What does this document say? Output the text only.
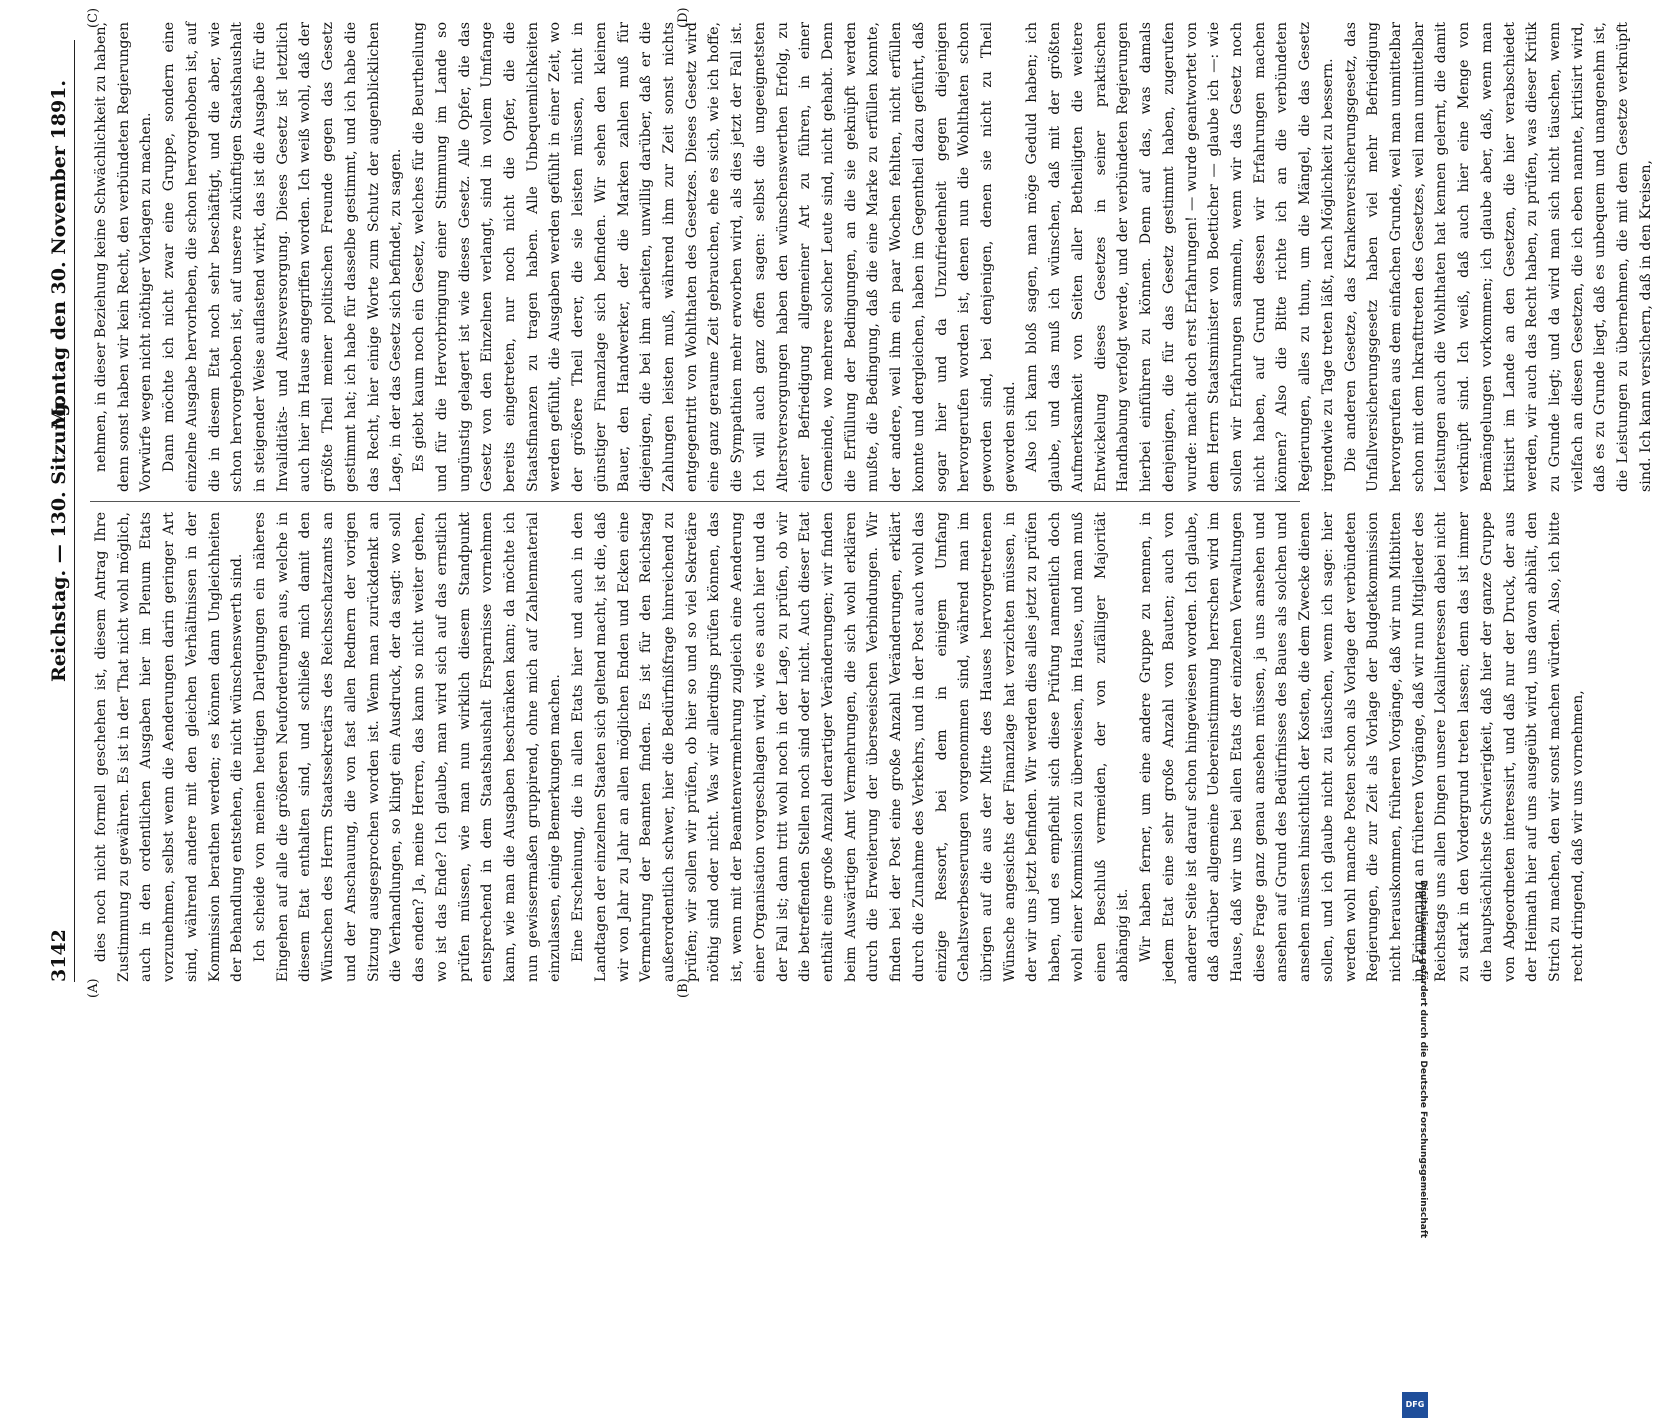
3142
Reichstag. — 130. Sitzung.
Montag den 30. November 1891.
(A)	(B)
(C)	(D)

dies noch nicht formell geschehen ist, diesem Antrag Ihre Zustimmung zu gewähren. Es ist in der That nicht wohl möglich, auch in den ordentlichen Ausgaben hier im Plenum Etats vorzunehmen, selbst wenn die Aenderungen darin geringer Art sind, während andere mit den gleichen Verhältnissen in der Kommission berathen werden; es können dann Ungleichheiten der Behandlung entstehen, die nicht wünschenswerth sind. Ich scheide von meinen heutigen Darlegungen ein näheres Eingehen auf alle die größeren Neuforderungen aus, welche in diesem Etat enthalten sind, und schließe mich damit den Wünschen des Herrn Staatssekretärs des Reichsschatzamts an und der Anschauung, die von fast allen Rednern der vorigen Sitzung ausgesprochen worden ist. Wenn man zurückdenkt an die Verhandlungen, so klingt ein Ausdruck, der da sagt: wo soll das enden? Ja, meine Herren, das kann so nicht weiter gehen, wo ist das Ende? Ich glaube, man wird sich auf das ernstlich prüfen müssen, wie man nun wirklich diesem Standpunkt entsprechend in dem Staatshaushalt Ersparnisse vornehmen kann, wie man die Ausgaben beschränken kann; da möchte ich nun gewissermaßen gruppirend, ohne mich auf Zahlenmaterial einzulassen, einige Bemerkungen machen. Eine Erscheinung, die in allen Etats hier und auch in den Landtagen der einzelnen Staaten sich geltend macht, ist die, daß wir von Jahr zu Jahr an allen möglichen Enden und Ecken eine Vermehrung der Beamten finden. Es ist für den Reichstag außerordentlich schwer, hier die Bedürfnißfrage hinreichend zu prüfen; wir sollen wir prüfen, ob hier so und so viel Sekretäre nöthig sind oder nicht. Was wir allerdings prüfen können, das ist, wenn mit der Beamtenvermehrung zugleich eine Aenderung einer Organisation vorgeschlagen wird, wie es auch hier und da der Fall ist; dann tritt wohl noch in der Lage, zu prüfen, ob wir die betreffenden Stellen noch sind oder nicht. Auch dieser Etat enthält eine große Anzahl derartiger Veränderungen; wir finden beim Auswärtigen Amt Vermehrungen, die sich wohl erklären durch die Erweiterung der überseeischen Verbindungen. Wir finden bei der Post eine große Anzahl Veränderungen, erklärt durch die Zunahme des Verkehrs, und in der Post auch wohl das einzige Ressort, bei dem in einigem Umfang Gehaltsverbesserungen vorgenommen sind, während man im übrigen auf die aus der Mitte des Hauses hervorgetretenen Wünsche angesichts der Finanzlage hat verzichten müssen, in der wir uns jetzt befinden. Wir werden dies alles jetzt zu prüfen haben, und es empfiehlt sich diese Prüfung namentlich doch wohl einer Kommission zu überweisen, im Hause, und man muß einen Beschluß vermeiden, der von zufälliger Majorität abhängig ist. Wir haben ferner, um eine andere Gruppe zu nennen, in jedem Etat eine sehr große Anzahl von Bauten; auch von anderer Seite ist darauf schon hingewiesen worden. Ich glaube, daß darüber allgemeine Uebereinstimmung herrschen wird im Hause, daß wir uns bei allen Etats der einzelnen Verwaltungen diese Frage ganz genau ansehen müssen, ja uns ansehen und ansehen auf Grund des Bedürfnisses des Baues als solchen und ansehen müssen hinsichtlich der Kosten, die dem Zwecke dienen sollen, und ich glaube nicht zu täuschen, wenn ich sage: hier werden wohl manche Posten schon als Vorlage der verbündeten Regierungen, die zur Zeit als Vorlage der Budgetkommission nicht herauskommen, früheren Vorgänge, daß wir nun Mitbitten in Erinnerung an früheren Vorgänge, daß wir nun Mitglieder des Reichstags uns allen Dingen unsere Lokalinteressen dabei nicht zu stark in den Vordergrund treten lassen; denn das ist immer die hauptsächlichste Schwierigkeit, daß hier der ganze Gruppe von Abgeordneten interessirt, und daß nur der Druck, der aus der Heimath hier auf uns ausgeübt wird, uns davon abhält, den Strich zu machen, den wir sonst machen würden. Also, ich bitte recht dringend, daß wir uns vornehmen,

nehmen, in dieser Beziehung keine Schwächlichkeit zu haben, denn sonst haben wir kein Recht, den verbündeten Regierungen Vorwürfe wegen nicht nöthiger Vorlagen zu machen. Dann möchte ich nicht zwar eine Gruppe, sondern eine einzelne Ausgabe hervorheben, die schon hervorgehoben ist, auf die in diesem Etat noch sehr beschäftigt, und die aber, wie schon hervorgehoben ist, auf unsere zukünftigen Staatshaushalt in steigender Weise auflastend wirkt, das ist die Ausgabe für die Invaliditäts- und Altersversorgung. Dieses Gesetz ist letztlich auch hier im Hause angegriffen worden. Ich weiß wohl, daß der größte Theil meiner politischen Freunde gegen das Gesetz gestimmt hat; ich habe für dasselbe gestimmt, und ich habe die das Recht, hier einige Worte zum Schutz der augenblicklichen Lage, in der das Gesetz sich befindet, zu sagen. Es giebt kaum noch ein Gesetz, welches für die Beurtheilung und für die Hervorbringung einer Stimmung im Lande so ungünstig gelagert ist wie dieses Gesetz. Alle Opfer, die das Gesetz von den Einzelnen verlangt, sind in vollem Umfange bereits eingetreten, nur noch nicht die Opfer, die die Staatsfinanzen zu tragen haben. Alle Unbequemlichkeiten werden gefühlt, die Ausgaben werden gefühlt in einer Zeit, wo der größere Theil derer, die sie leisten müssen, nicht in günstiger Finanzlage sich befinden. Wir sehen den kleinen Bauer, den Handwerker, der die Marken zahlen muß für diejenigen, die bei ihm arbeiten, unwillig darüber, daß er die Zahlungen leisten muß, während ihm zur Zeit sonst nichts entgegentritt von Wohlthaten des Gesetzes. Dieses Gesetz wird eine ganz geraume Zeit gebrauchen, ehe es sich, wie ich hoffe, die Sympathien mehr erworben wird, als dies jetzt der Fall ist. Ich will auch ganz offen sagen: selbst die ungeeignetsten Alterstversorgungen haben den wünschenswerthen Erfolg, zu einer Befriedigung allgemeiner Art zu führen, in einer Gemeinde, wo mehrere solcher Leute sind, nicht gehabt. Denn die Erfüllung der Bedingungen, an die sie geknüpft werden mußte, die Bedingung, daß die eine Marke zu erfüllen konnte, der andere, weil ihm ein paar Wochen fehlten, nicht erfüllen konnte und dergleichen, haben im Gegentheil dazu geführt, daß sogar hier und da Unzufriedenheit gegen diejenigen hervorgerufen worden ist, denen nun die Wohlthaten schon geworden sind, bei denjenigen, denen sie nicht zu Theil geworden sind. Also ich kann bloß sagen, man möge Geduld haben; ich glaube, und das muß ich wünschen, daß mit der größten Aufmerksamkeit von Seiten aller Betheiligten die weitere Entwickelung dieses Gesetzes in seiner praktischen Handhabung verfolgt werde, und der verbündeten Regierungen hierbei einführen zu können. Denn auf das, was damals denjenigen, die für das Gesetz gestimmt haben, zugerufen wurde: macht doch erst Erfahrungen! — wurde geantwortet von dem Herrn Staatsminister von Boetticher — glaube ich —: wie sollen wir Erfahrungen sammeln, wenn wir das Gesetz noch nicht haben, auf Grund dessen wir Erfahrungen machen können? Also die Bitte richte ich an die verbündeten Regierungen, alles zu thun, um die Mängel, die das Gesetz irgendwie zu Tage treten läßt, nach Möglichkeit zu bessern. Die anderen Gesetze, das Krankenversicherungsgesetz, das Unfallversicherungsgesetz haben viel mehr Befriedigung hervorgerufen aus dem einfachen Grunde, weil man unmittelbar schon mit dem Inkrafttreten des Gesetzes, weil man unmittelbar Leistungen auch die Wohlthaten hat kennen gelernt, die damit verknüpft sind. Ich weiß, daß auch hier eine Menge von Bemängelungen vorkommen; ich glaube aber, daß, wenn man kritisirt im Lande an den Gesetzen, die hier verabschiedet werden, wir auch das Recht haben, zu prüfen, was dieser Kritik zu Grunde liegt; und da wird man sich nicht täuschen, wenn vielfach an diesen Gesetzen, die ich eben nannte, kritisirt wird, daß es zu Grunde liegt, daß es unbequem und unangenehm ist, die Leistungen zu übernehmen, die mit dem Gesetze verknüpft sind. Ich kann versichern, daß in den Kreisen,

Digitalisierung gefördert durch die Deutsche Forschungsgemeinschaft
DFG
